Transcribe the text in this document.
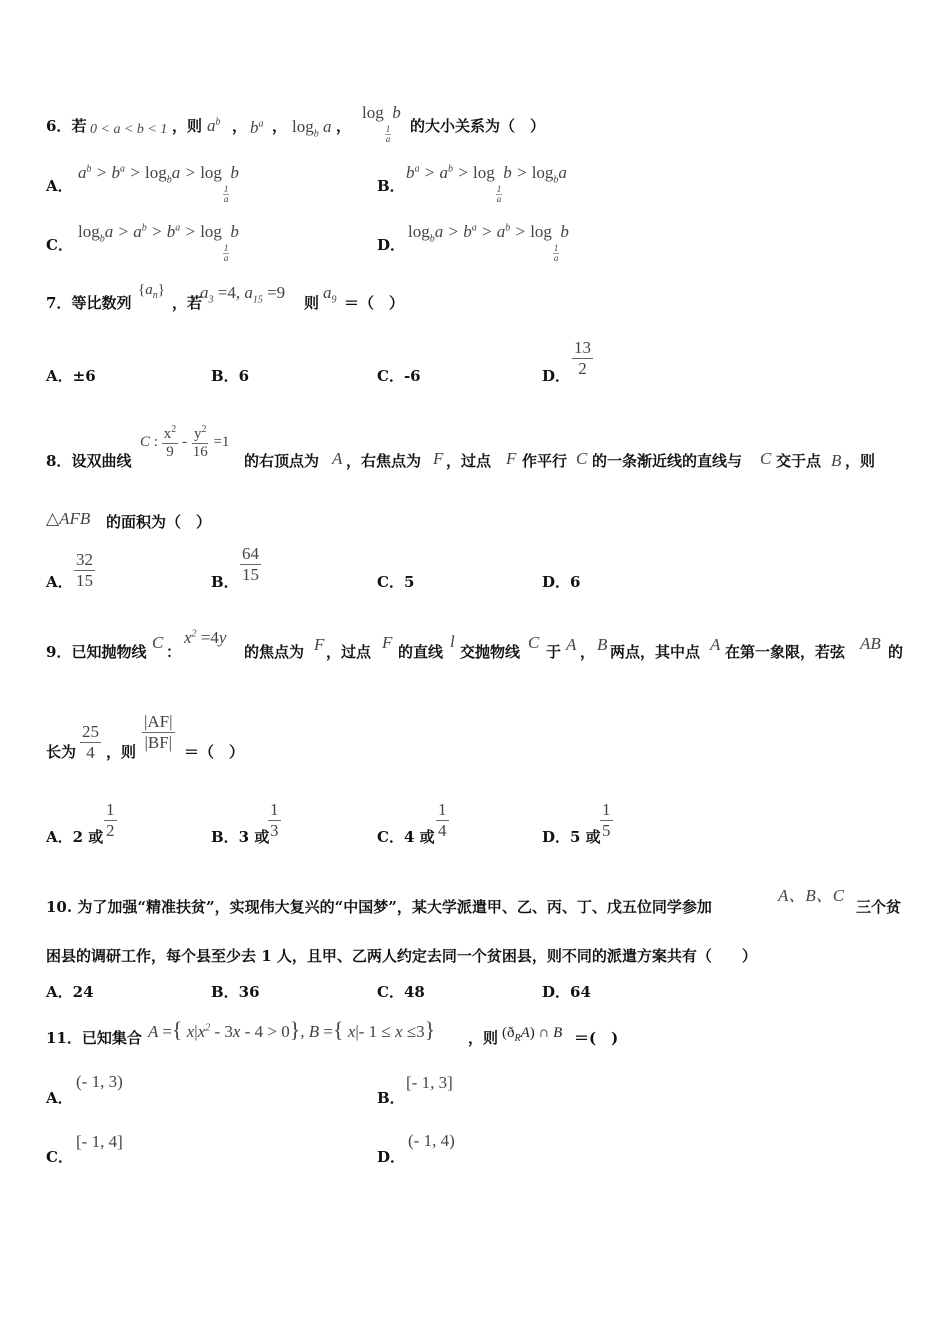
6．若 0 < a < b < 1 ，则 $a^b$ ， $b^a$ ， $\log_b a$ ，
log
$\frac{1}{a}$
b
的大小关系为（　）
A．
$a^b > b^a > \log_ba > \log$
$\frac{1}{a}$
b
B．
$b^a > a^b > \log$
$\frac{1}{a}$
$b > \log_ba$
C．
$\log_ba > a^b > b^a > \log$
$\frac{1}{a}$
b
D．
$\log_ba > b^a > a^b > \log$
$\frac{1}{a}$
b
7．等比数列
$\{a_n\}$
，若
$a_3 =4$, $a_{15} =9$
则
$a_9$ ＝（　）
A．±6	B．6	C．-6	D． $\frac{13}{2}$
8．设双曲线
C : $\frac{x^2}{9} - \frac{y^2}{16} =1$
的右顶点为 A ，右焦点为 F ，过点 F 作平行 C 的一条渐近线的直线与 C 交于点 B ，则
△AFB 的面积为（　）
A． $\frac{32}{15}$	B． $\frac{64}{15}$	C．5	D．6
9．已知抛物线 C ：
$x^2 =4y$
的焦点为 F ，过点 F 的直线
l
交抛物线 C 于 A ， B 两点，其中点 A 在第一象限，若弦 AB 的
长为 $\frac{25}{4}$ ，则 $\frac{|AF|}{|BF|}$ ＝（　）
A．2 或 $\frac{1}{2}$	B．3 或
$\frac{1}{3}$	C．4 或 $\frac{1}{4}$	D．5 或 $\frac{1}{5}$
10. 为了加强“精准扶贫”，实现伟大复兴的“中国梦”，某大学派遣甲、乙、丙、丁、戊五位同学参加
A、B、C
三个贫
困县的调研工作，每个县至少去 1 人，且甲、乙两人约定去同一个贫困县，则不同的派遣方案共有（　　）
A．24	B．36	C．48	D．64
11．已知集合 A ={ $x|x^2 - 3x - 4 > 0$}, B ={ x|- 1 ≤ x ≤3} ，则 $(ð_RA)$ ∩ B ＝(　)
A．
(- 1, 3)
B．
[- 1, 3]
C．
[- 1, 4]
D．
(- 1, 4)
